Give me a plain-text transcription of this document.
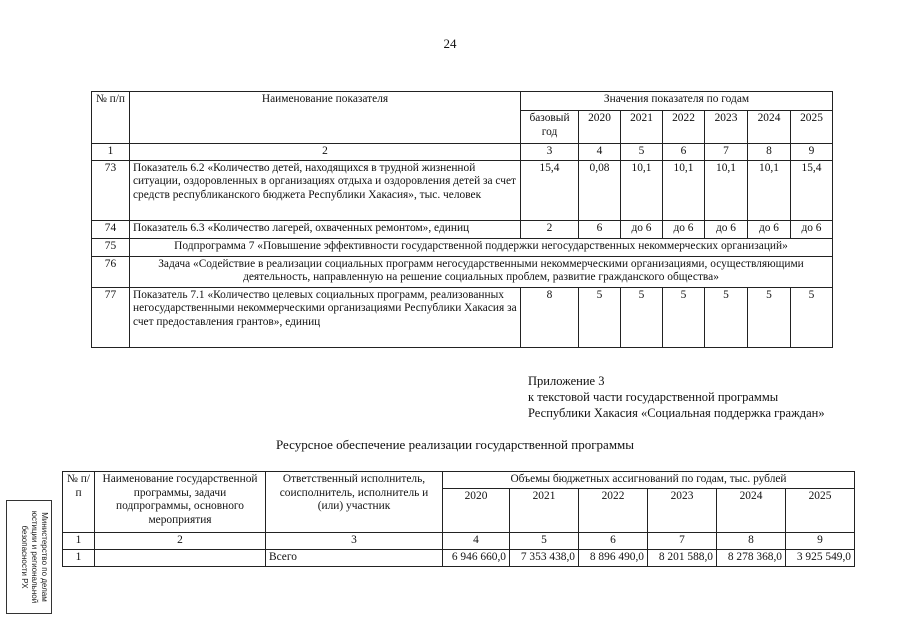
24
№ п/п	Наименование показателя	Значения показателя по годам						
		базовый год	2020	2021	2022	2023	2024	2025
1	2	3	4	5	6	7	8	9
73	Показатель 6.2 «Количество детей, находящихся в трудной жизненной ситуации, оздоровленных в организациях отдыха и оздоровления детей за счет средств республиканского бюджета Республики Хакасия», тыс. человек	15,4	0,08	10,1	10,1	10,1	10,1	15,4
74	Показатель 6.3 «Количество лагерей, охваченных ремонтом», единиц	2	6	до 6	до 6	до 6	до 6	до 6
75	Подпрограмма 7 «Повышение эффективности государственной поддержки негосударственных некоммерческих организаций»							
76	Задача «Содействие в реализации социальных программ негосударственными некоммерческими организациями, осуществляющими деятельность, направленную на решение социальных проблем, развитие гражданского общества»							
77	Показатель 7.1 «Количество целевых социальных программ, реализованных негосударственными некоммерческими организациями Республики Хакасия за счет предоставления грантов», единиц	8	5	5	5	5	5	5
Приложение 3
к текстовой части государственной программы
Республики Хакасия «Социальная поддержка граждан»
Ресурсное обеспечение реализации государственной программы
№ п/п	Наименование государственной программы, задачи подпрограммы, основного мероприятия	Ответственный исполнитель, соисполнитель, исполнитель и (или) участник	Объемы бюджетных ассигнований по годам, тыс. рублей					
			2020	2021	2022	2023	2024	2025
1	2	3	4	5	6	7	8	9
1		Всего	6 946 660,0	7 353 438,0	8 896 490,0	8 201 588,0	8 278 368,0	3 925 549,0
Министерство по делам
юстиции и региональной
безопасности РХ
